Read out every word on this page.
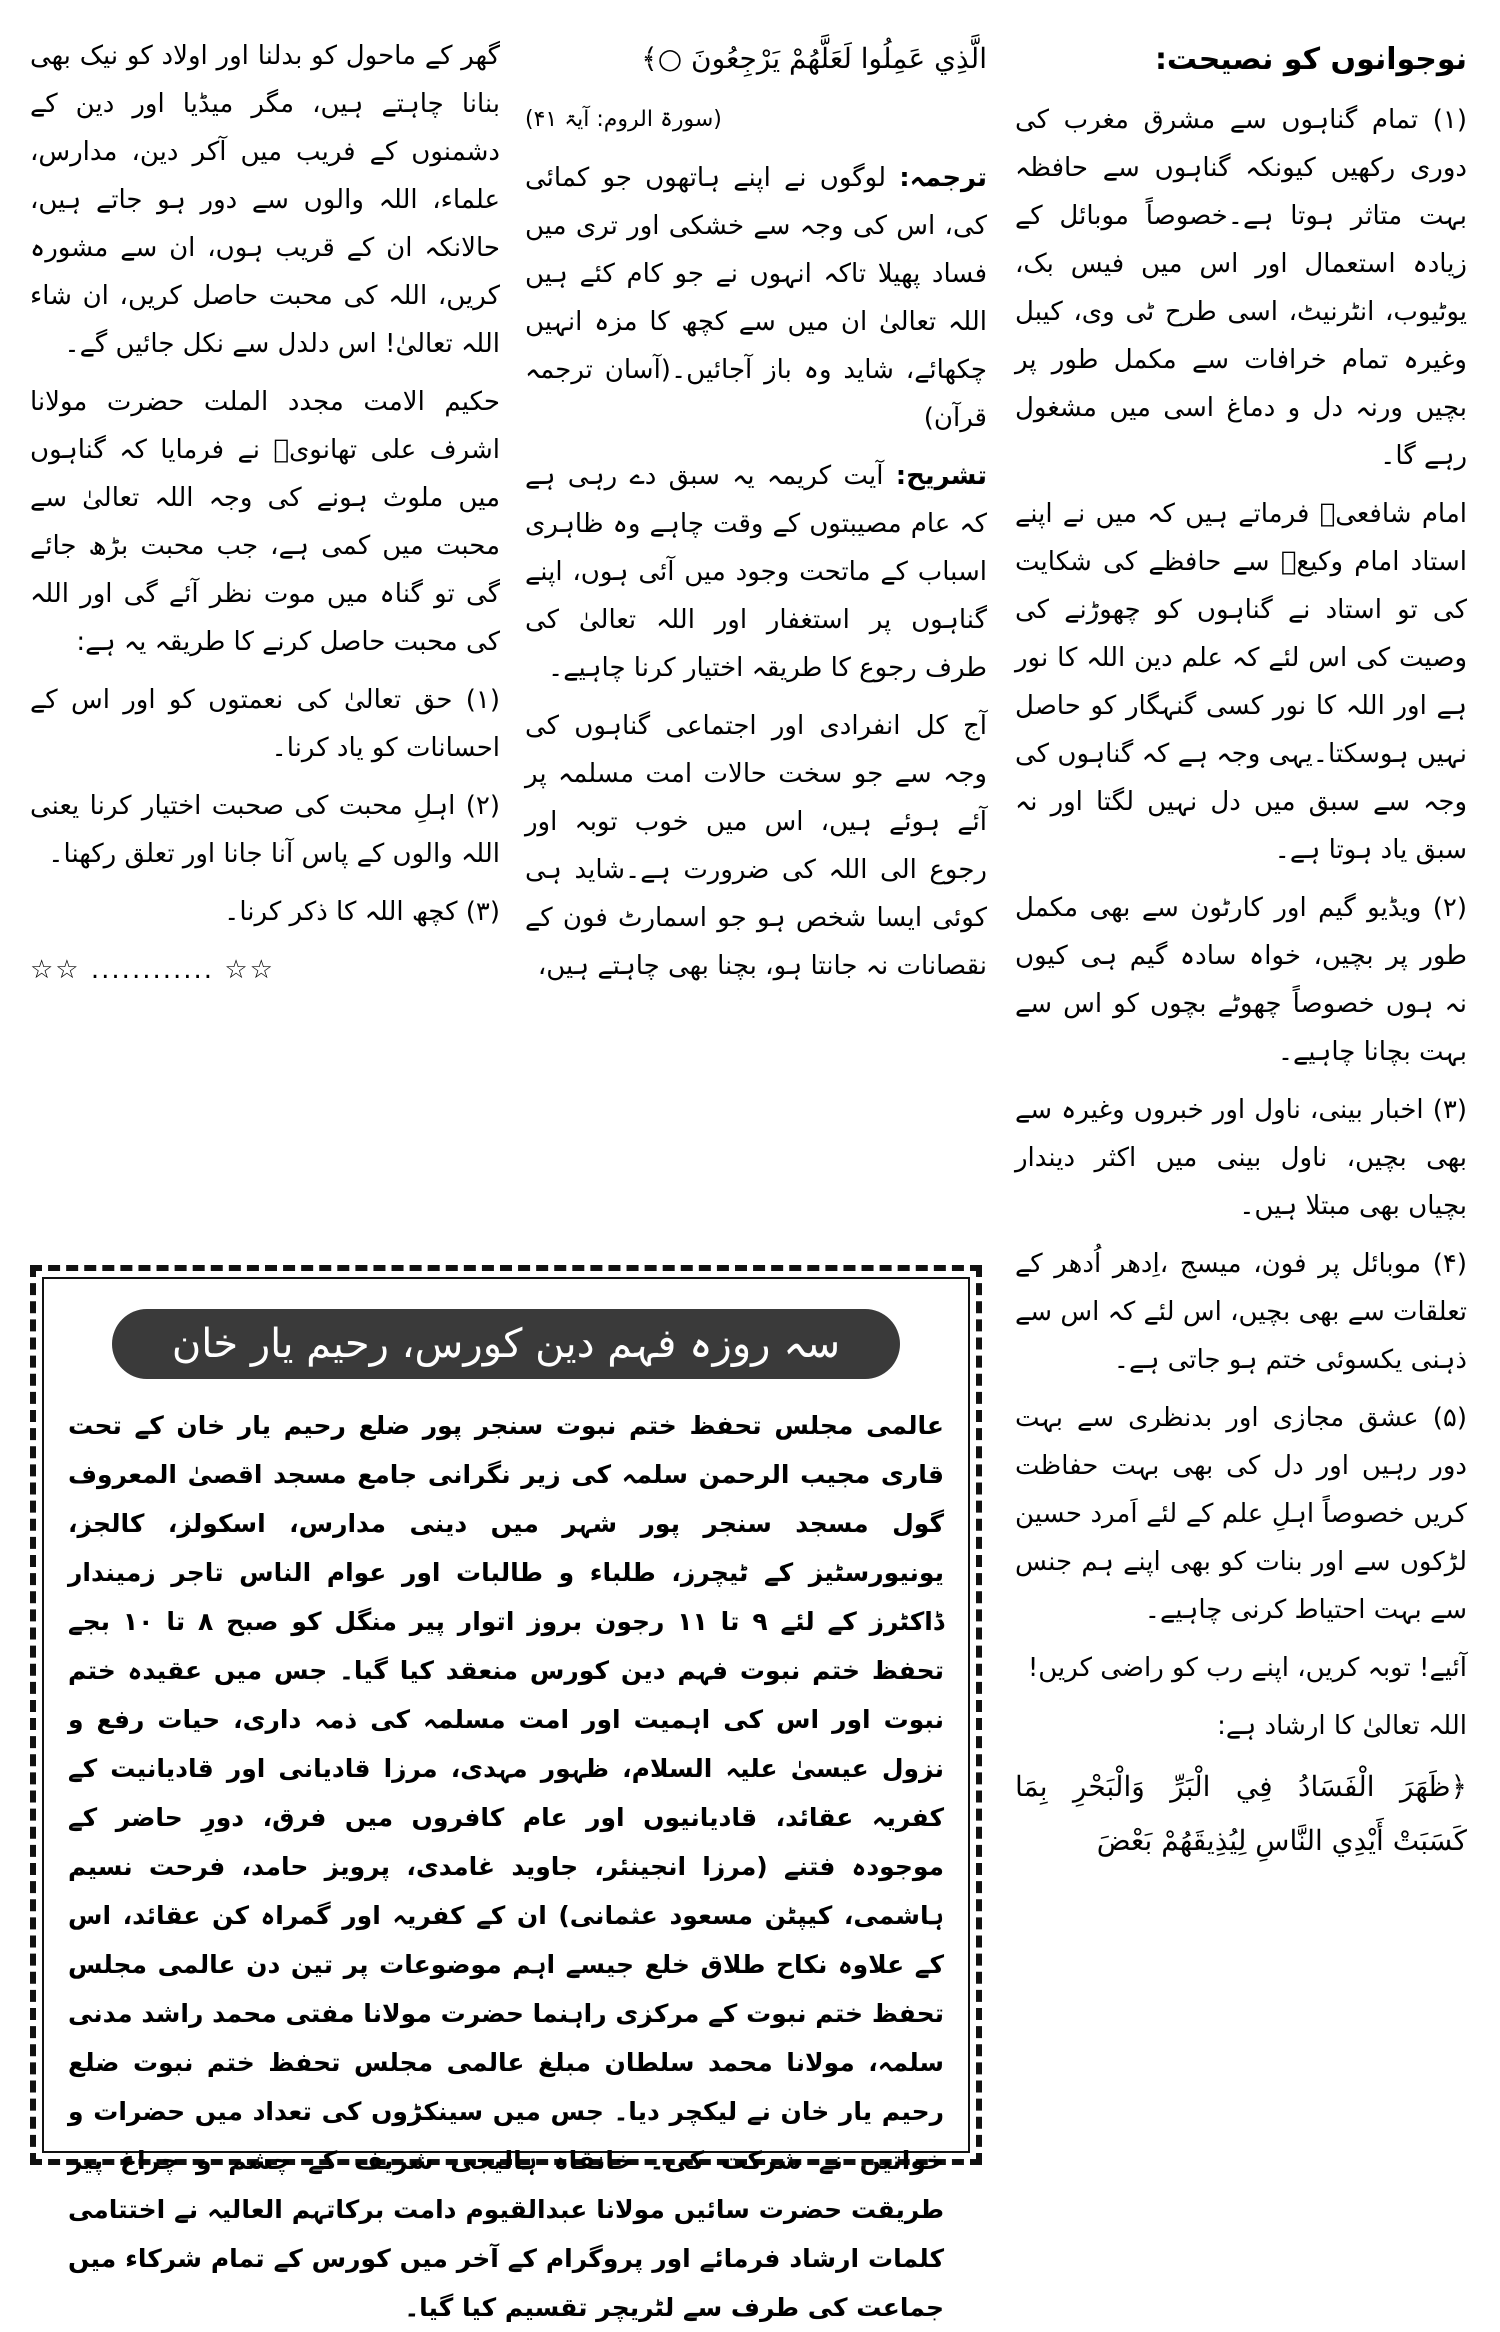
نوجوانوں کو نصیحت:

(۱) تمام گناہوں سے مشرق مغرب کی دوری رکھیں کیونکہ گناہوں سے حافظہ بہت متاثر ہوتا ہے۔خصوصاً موبائل کے زیادہ استعمال اور اس میں فیس بک، یوٹیوب، انٹرنیٹ، اسی طرح ٹی وی، کیبل وغیرہ تمام خرافات سے مکمل طور پر بچیں ورنہ دل و دماغ اسی میں مشغول رہے گا۔

امام شافعیؒ فرماتے ہیں کہ میں نے اپنے استاد امام وکیعؒ سے حافظے کی شکایت کی تو استاد نے گناہوں کو چھوڑنے کی وصیت کی اس لئے کہ علم دین اللہ کا نور ہے اور اللہ کا نور کسی گنہگار کو حاصل نہیں ہوسکتا۔یہی وجہ ہے کہ گناہوں کی وجہ سے سبق میں دل نہیں لگتا اور نہ سبق یاد ہوتا ہے۔

(۲) ویڈیو گیم اور کارٹون سے بھی مکمل طور پر بچیں، خواہ سادہ گیم ہی کیوں نہ ہوں خصوصاً چھوٹے بچوں کو اس سے بہت بچانا چاہیے۔

(۳) اخبار بینی، ناول اور خبروں وغیرہ سے بھی بچیں، ناول بینی میں اکثر دیندار بچیاں بھی مبتلا ہیں۔

(۴) موبائل پر فون، میسج ،اِدھر اُدھر کے تعلقات سے بھی بچیں، اس لئے کہ اس سے ذہنی یکسوئی ختم ہو جاتی ہے۔

(۵) عشق مجازی اور بدنظری سے بہت دور رہیں اور دل کی بھی بہت حفاظت کریں خصوصاً اہلِ علم کے لئے اَمرد حسین لڑکوں سے اور بنات کو بھی اپنے ہم جنس سے بہت احتیاط کرنی چاہیے۔

آئیے! توبہ کریں، اپنے رب کو راضی کریں!

اللہ تعالیٰ کا ارشاد ہے:

﴿ظَهَرَ الْفَسَادُ فِي الْبَرِّ وَالْبَحْرِ بِمَا كَسَبَتْ أَيْدِي النَّاسِ لِيُذِيقَهُمْ بَعْضَ

الَّذِي عَمِلُوا لَعَلَّهُمْ يَرْجِعُونَ ○﴾

(سورۃ الروم: آیۃ ۴۱)

ترجمہ: لوگوں نے اپنے ہاتھوں جو کمائی کی، اس کی وجہ سے خشکی اور تری میں فساد پھیلا تاکہ انہوں نے جو کام کئے ہیں اللہ تعالیٰ ان میں سے کچھ کا مزہ انہیں چکھائے، شاید وہ باز آجائیں۔(آسان ترجمہ قرآن)

تشریح: آیت کریمہ یہ سبق دے رہی ہے کہ عام مصیبتوں کے وقت چاہے وہ ظاہری اسباب کے ماتحت وجود میں آئی ہوں، اپنے گناہوں پر استغفار اور اللہ تعالیٰ کی طرف رجوع کا طریقہ اختیار کرنا چاہیے۔

آج کل انفرادی اور اجتماعی گناہوں کی وجہ سے جو سخت حالات امت مسلمہ پر آئے ہوئے ہیں، اس میں خوب توبہ اور رجوع الی اللہ کی ضرورت ہے۔شاید ہی کوئی ایسا شخص ہو جو اسمارٹ فون کے نقصانات نہ جانتا ہو، بچنا بھی چاہتے ہیں،

گھر کے ماحول کو بدلنا اور اولاد کو نیک بھی بنانا چاہتے ہیں، مگر میڈیا اور دین کے دشمنوں کے فریب میں آکر دین، مدارس، علماء، اللہ والوں سے دور ہو جاتے ہیں، حالانکہ ان کے قریب ہوں، ان سے مشورہ کریں، اللہ کی محبت حاصل کریں، ان شاء اللہ تعالیٰ! اس دلدل سے نکل جائیں گے۔

حکیم الامت مجدد الملت حضرت مولانا اشرف علی تھانویؒ نے فرمایا کہ گناہوں میں ملوث ہونے کی وجہ اللہ تعالیٰ سے محبت میں کمی ہے، جب محبت بڑھ جائے گی تو گناہ میں موت نظر آئے گی اور اللہ کی محبت حاصل کرنے کا طریقہ یہ ہے:

(۱) حق تعالیٰ کی نعمتوں کو اور اس کے احسانات کو یاد کرنا۔

(۲) اہلِ محبت کی صحبت اختیار کرنا یعنی اللہ والوں کے پاس آنا جانا اور تعلق رکھنا۔

(۳) کچھ اللہ کا ذکر کرنا۔

☆☆ ............ ☆☆

سہ روزہ فہم دین کورس، رحیم یار خان

عالمی مجلس تحفظ ختم نبوت سنجر پور ضلع رحیم یار خان کے تحت قاری مجیب الرحمن سلمہ کی زیر نگرانی جامع مسجد اقصیٰ المعروف گول مسجد سنجر پور شہر میں دینی مدارس، اسکولز، کالجز، یونیورسٹیز کے ٹیچرز، طلباء و طالبات اور عوام الناس تاجر زمیندار ڈاکٹرز کے لئے ۹ تا ۱۱ رجون بروز اتوار پیر منگل کو صبح ۸ تا ۱۰ بجے تحفظ ختم نبوت فہم دین کورس منعقد کیا گیا۔ جس میں عقیدہ ختم نبوت اور اس کی اہمیت اور امت مسلمہ کی ذمہ داری، حیات رفع و نزول عیسیٰ علیہ السلام، ظہور مہدی، مرزا قادیانی اور قادیانیت کے کفریہ عقائد، قادیانیوں اور عام کافروں میں فرق، دورِ حاضر کے موجودہ فتنے (مرزا انجینئر، جاوید غامدی، پرویز حامد، فرحت نسیم ہاشمی، کیپٹن مسعود عثمانی) ان کے کفریہ اور گمراہ کن عقائد، اس کے علاوہ نکاح طلاق خلع جیسے اہم موضوعات پر تین دن عالمی مجلس تحفظ ختم نبوت کے مرکزی راہنما حضرت مولانا مفتی محمد راشد مدنی سلمہ، مولانا محمد سلطان مبلغ عالمی مجلس تحفظ ختم نبوت ضلع رحیم یار خان نے لیکچر دیا۔ جس میں سینکڑوں کی تعداد میں حضرات و خواتین نے شرکت کی۔ خانقاہ ہالیجی شریف کے چشم و چراغ پیر طریقت حضرت سائیں مولانا عبدالقیوم دامت برکاتہم العالیہ نے اختتامی کلمات ارشاد فرمائے اور پروگرام کے آخر میں کورس کے تمام شرکاء میں جماعت کی طرف سے لٹریچر تقسیم کیا گیا۔
